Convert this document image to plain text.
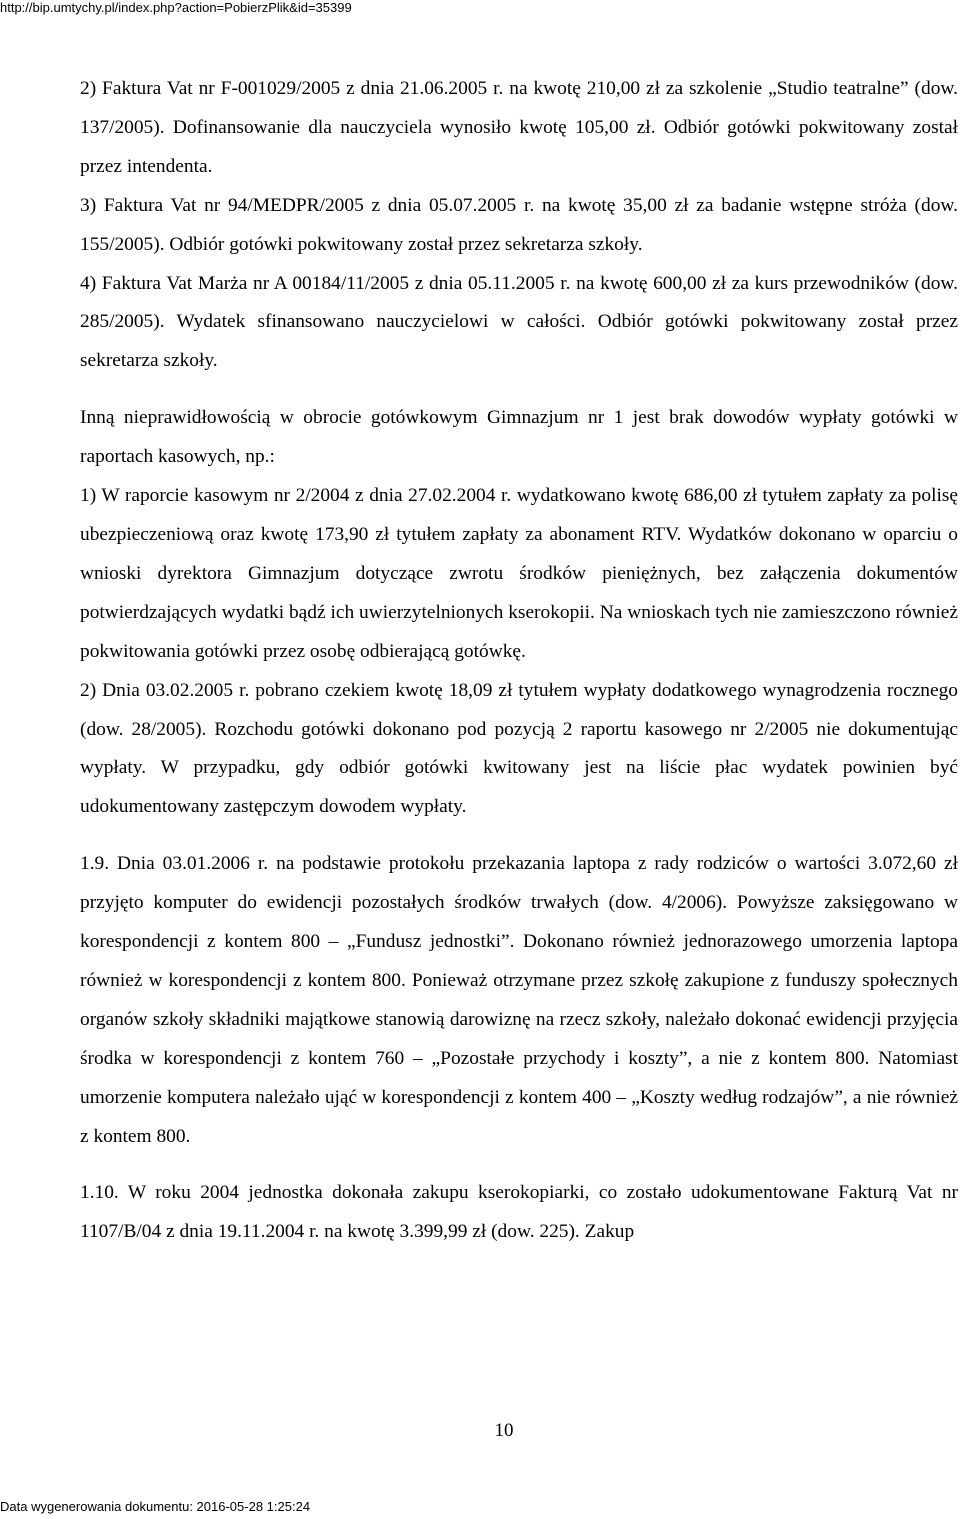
http://bip.umtychy.pl/index.php?action=PobierzPlik&id=35399

2) Faktura Vat nr F-001029/2005 z dnia 21.06.2005 r. na kwotę 210,00 zł za szkolenie „Studio teatralne” (dow. 137/2005). Dofinansowanie dla nauczyciela wynosiło kwotę 105,00 zł. Odbiór gotówki pokwitowany został przez intendenta.

3) Faktura Vat nr 94/MEDPR/2005 z dnia 05.07.2005 r. na kwotę 35,00 zł za badanie wstępne stróża (dow. 155/2005). Odbiór gotówki pokwitowany został przez sekretarza szkoły.

4) Faktura Vat Marża nr A 00184/11/2005 z dnia 05.11.2005 r. na kwotę 600,00 zł za kurs przewodników (dow. 285/2005). Wydatek sfinansowano nauczycielowi w całości. Odbiór gotówki pokwitowany został przez sekretarza szkoły.

Inną nieprawidłowością w obrocie gotówkowym Gimnazjum nr 1 jest brak dowodów wypłaty gotówki w raportach kasowych, np.:

1) W raporcie kasowym nr 2/2004 z dnia 27.02.2004 r. wydatkowano kwotę 686,00 zł tytułem zapłaty za polisę ubezpieczeniową oraz kwotę 173,90 zł tytułem zapłaty za abonament RTV. Wydatków dokonano w oparciu o wnioski dyrektora Gimnazjum dotyczące zwrotu środków pieniężnych, bez załączenia dokumentów potwierdzających wydatki bądź ich uwierzytelnionych kserokopii. Na wnioskach tych nie zamieszczono również pokwitowania gotówki przez osobę odbierającą gotówkę.

2) Dnia 03.02.2005 r. pobrano czekiem kwotę 18,09 zł tytułem wypłaty dodatkowego wynagrodzenia rocznego (dow. 28/2005). Rozchodu gotówki dokonano pod pozycją 2 raportu kasowego nr 2/2005 nie dokumentując wypłaty. W przypadku, gdy odbiór gotówki kwitowany jest na liście płac wydatek powinien być udokumentowany zastępczym dowodem wypłaty.

1.9. Dnia 03.01.2006 r. na podstawie protokołu przekazania laptopa z rady rodziców o wartości 3.072,60 zł przyjęto komputer do ewidencji pozostałych środków trwałych (dow. 4/2006). Powyższe zaksięgowano w korespondencji z kontem 800 – „Fundusz jednostki”. Dokonano również jednorazowego umorzenia laptopa również w korespondencji z kontem 800. Ponieważ otrzymane przez szkołę zakupione z funduszy społecznych organów szkoły składniki majątkowe stanowią darowiznę na rzecz szkoły, należało dokonać ewidencji przyjęcia środka w korespondencji z kontem 760 – „Pozostałe przychody i koszty”, a nie z kontem 800. Natomiast umorzenie komputera należało ująć w korespondencji z kontem 400 – „Koszty według rodzajów”, a nie również z kontem 800.

1.10. W roku 2004 jednostka dokonała zakupu kserokopiarki, co zostało udokumentowane Fakturą Vat nr 1107/B/04 z dnia 19.11.2004 r. na kwotę 3.399,99 zł (dow. 225). Zakup

10
Data wygenerowania dokumentu: 2016-05-28 1:25:24
